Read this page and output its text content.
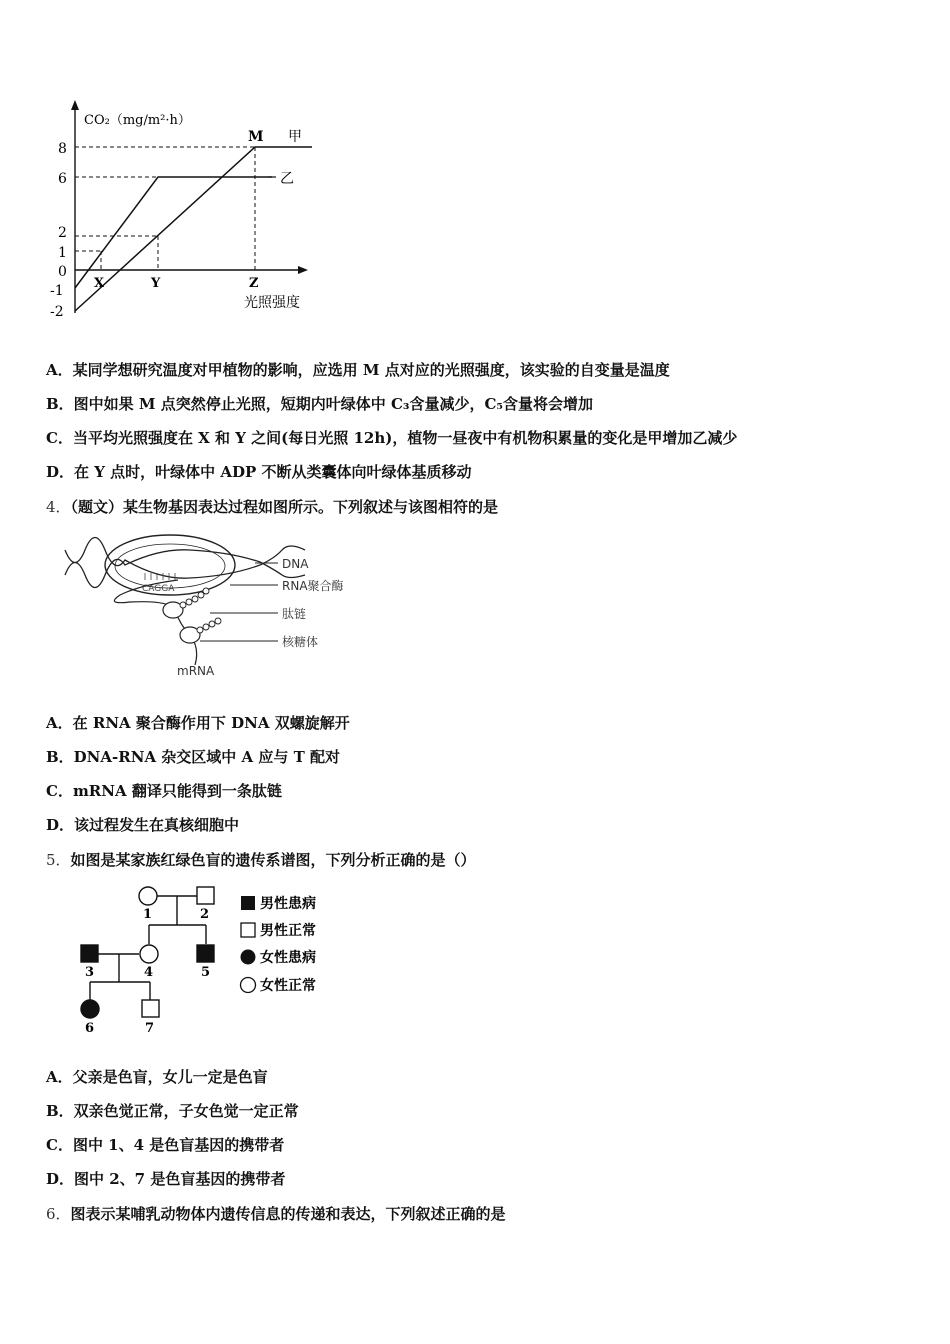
CO₂（mg/m²·h）
8
6
2
1
0
-1
-2
M 甲
乙
X	Y	Z
光照强度
A．某同学想研究温度对甲植物的影响，应选用 M 点对应的光照强度，该实验的自变量是温度
B．图中如果 M 点突然停止光照，短期内叶绿体中 C₃含量减少，C₅含量将会增加
C．当平均光照强度在 X 和 Y 之间(每日光照 12h)，植物一昼夜中有机物积累量的变化是甲增加乙减少
D．在 Y 点时，叶绿体中 ADP 不断从类囊体向叶绿体基质移动
4．（题文）某生物基因表达过程如图所示。下列叙述与该图相符的是
CAGGA
DNA
RNA聚合酶
肽链
核糖体
mRNA
A．在 RNA 聚合酶作用下 DNA 双螺旋解开
B．DNA-RNA 杂交区域中 A 应与 T 配对
C．mRNA 翻译只能得到一条肽链
D．该过程发生在真核细胞中
5．如图是某家族红绿色盲的遗传系谱图，下列分析正确的是（）
1	2
3	4	5
6	7
男性患病
男性正常
女性患病
女性正常
A．父亲是色盲，女儿一定是色盲
B．双亲色觉正常，子女色觉一定正常
C．图中 1、4 是色盲基因的携带者
D．图中 2、7 是色盲基因的携带者
6．图表示某哺乳动物体内遗传信息的传递和表达，下列叙述正确的是
